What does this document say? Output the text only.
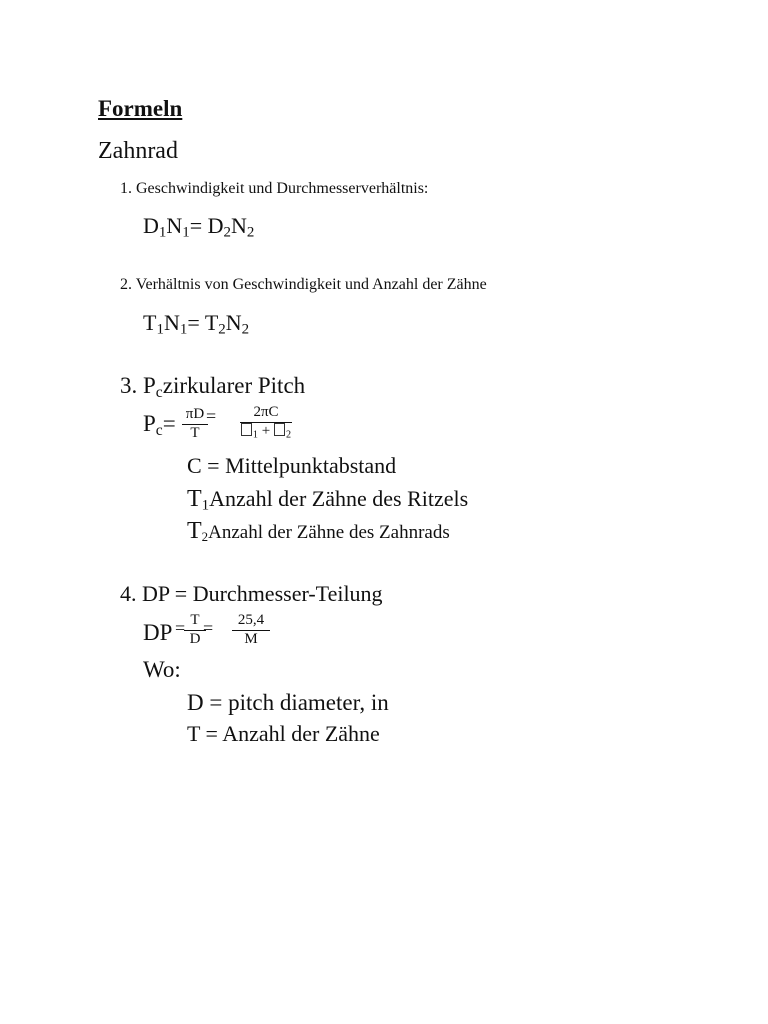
Formeln
Zahnrad
1. Geschwindigkeit und Durchmesserverhältnis:
$D_1N_1= D_2N_2$
2. Verhältnis von Geschwindigkeit und Anzahl der Zähne
$T_1N_1= T_2N_2$
3. $P_czirkularer$ Pitch
$P_c= \pi D$
T
=	2πC
$_1$ + $_2$
C = Mittelpunktabstand
$T_1Anzahl$ der Zähne des Ritzels
$T_2Anzahl$ der Zähne des Zahnrads
4. DP = Durchmesser-Teilung
DP = T
D
=	25,4
M
Wo:
D = pitch diameter, in
T = Anzahl der Zähne
